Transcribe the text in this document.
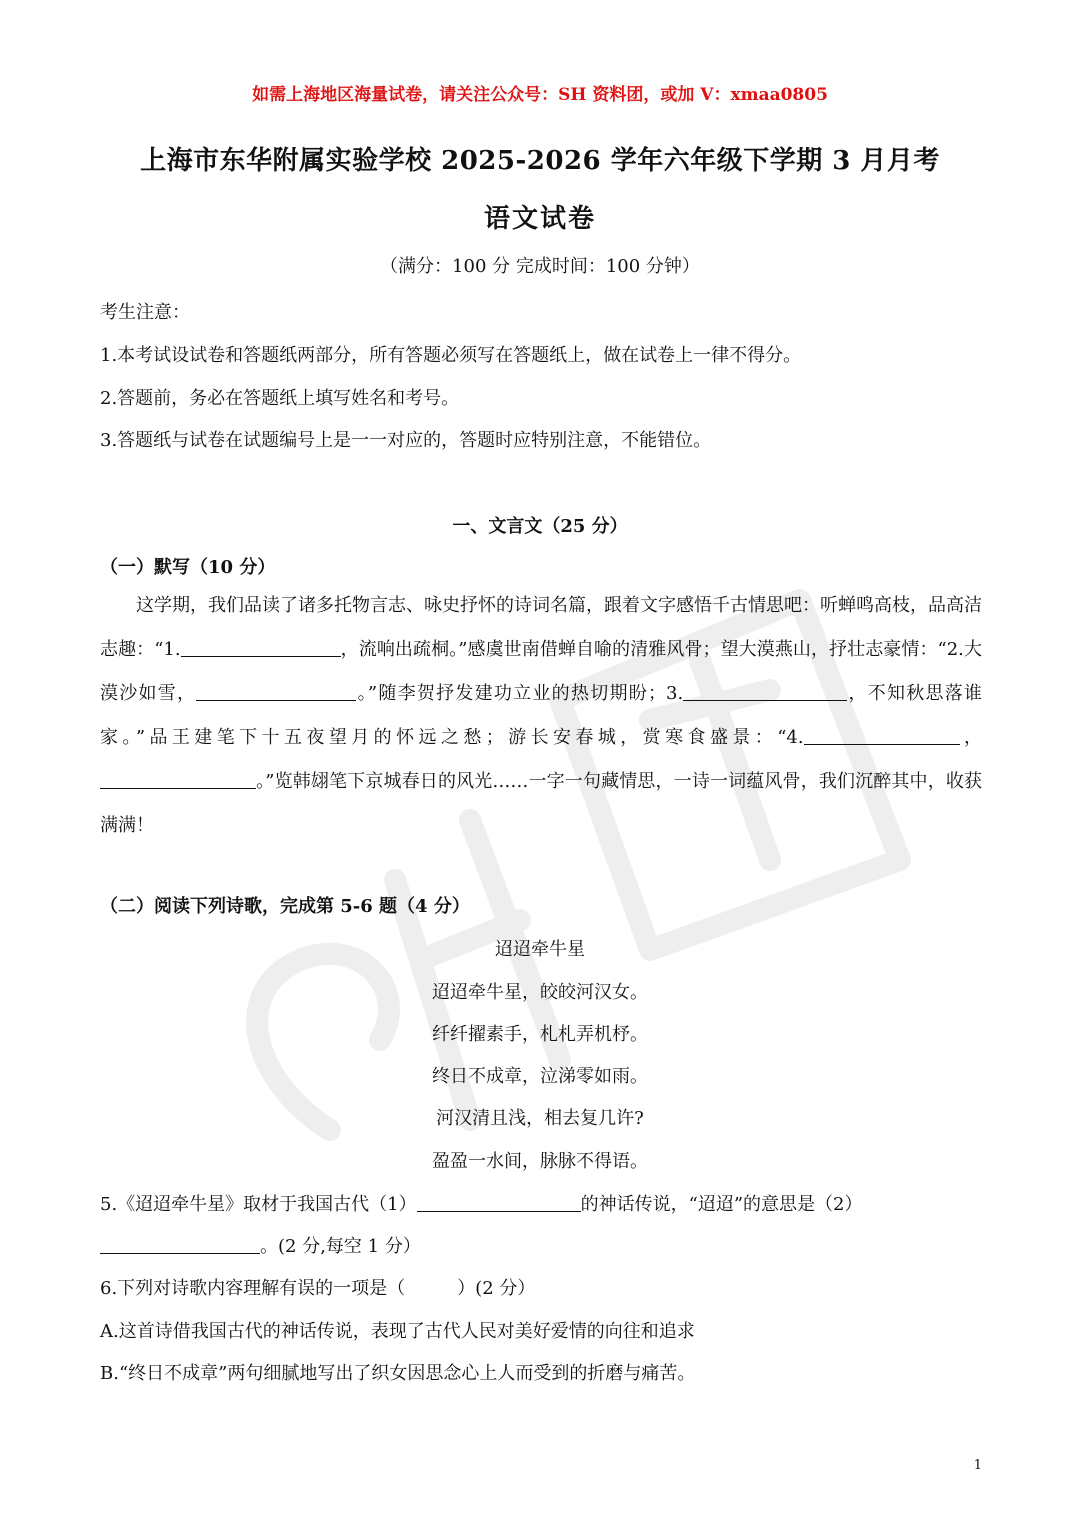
如需上海地区海量试卷，请关注公众号：SH 资料团，或加 V：xmaa0805
上海市东华附属实验学校 2025-2026 学年六年级下学期 3 月月考
语文试卷
（满分：100 分 完成时间：100 分钟）
考生注意：
1.本考试设试卷和答题纸两部分，所有答题必须写在答题纸上，做在试卷上一律不得分。
2.答题前，务必在答题纸上填写姓名和考号。
3.答题纸与试卷在试题编号上是一一对应的，答题时应特别注意，不能错位。
一、文言文（25 分）
（一）默写（10 分）
这学期，我们品读了诸多托物言志、咏史抒怀的诗词名篇，跟着文字感悟千古情思吧：听蝉鸣高枝，品高洁志趣：“1.	，流响出疏桐。”感虞世南借蝉自喻的清雅风骨；望大漠燕山，抒壮志豪情：“2.大漠沙如雪，	。”随李贺抒发建功立业的热切期盼；3.	，不知秋思落谁家。”品王建笔下十五夜望月的怀远之愁；游长安春城，赏寒食盛景：“4.	，。”览韩翃笔下京城春日的风光……一字一句藏情思，一诗一词蕴风骨，我们沉醉其中，收获满满！
（二）阅读下列诗歌，完成第 5-6 题（4 分）
迢迢牵牛星
迢迢牵牛星，皎皎河汉女。
纤纤擢素手，札札弄机杼。
终日不成章，泣涕零如雨。
河汉清且浅，相去复几许?
盈盈一水间，脉脉不得语。
5.《迢迢牵牛星》取材于我国古代（1）	的神话传说，“迢迢”的意思是（2）
。(2 分,每空 1 分）
6.下列对诗歌内容理解有误的一项是（	）(2 分）
A.这首诗借我国古代的神话传说，表现了古代人民对美好爱情的向往和追求
B.“终日不成章”两句细腻地写出了织女因思念心上人而受到的折磨与痛苦。
1
